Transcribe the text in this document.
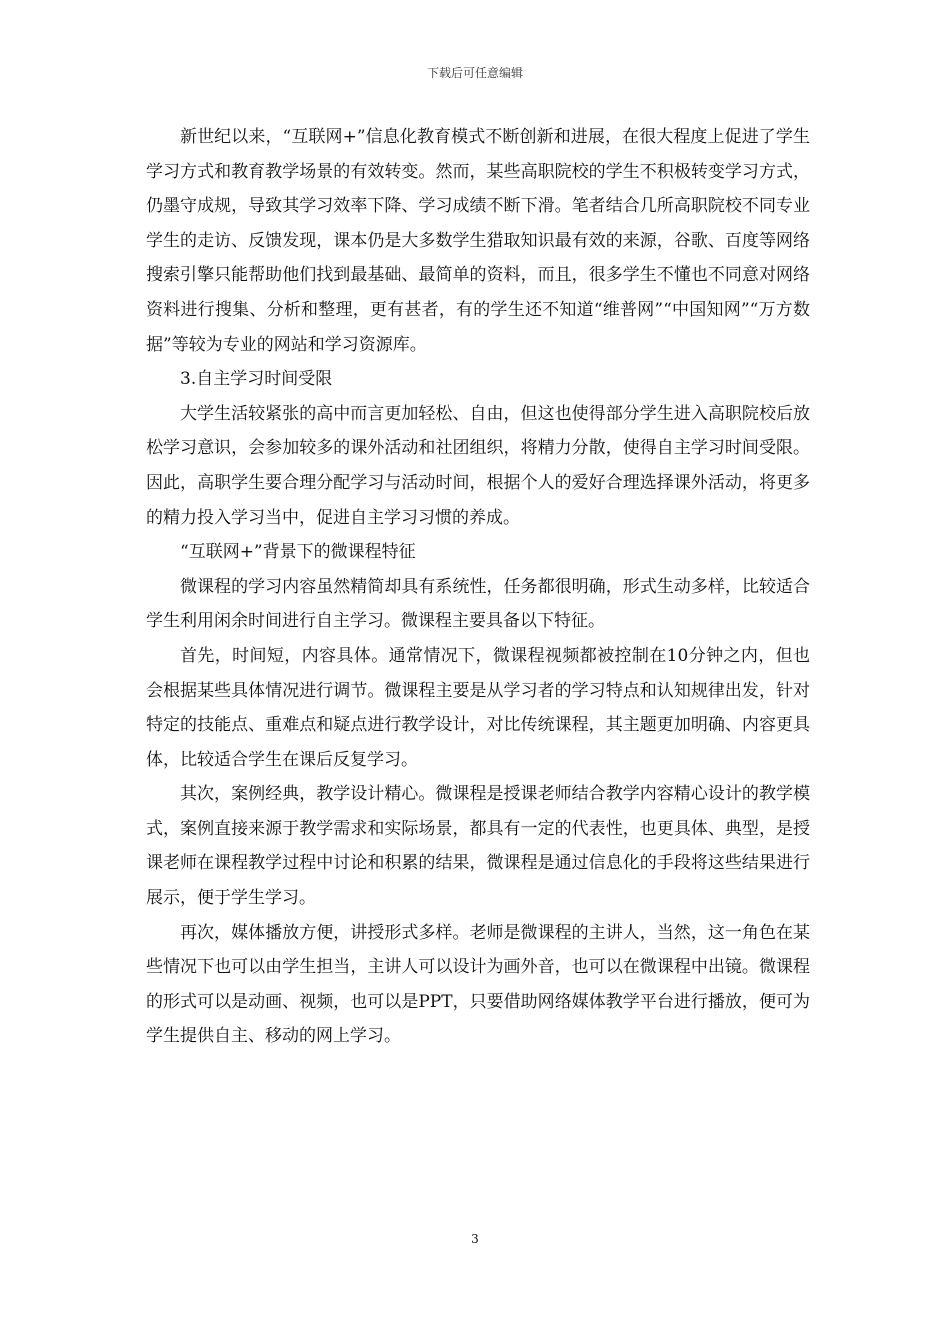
下载后可任意编辑

新世纪以来，“互联网+”信息化教育模式不断创新和进展，在很大程度上促进了学生学习方式和教育教学场景的有效转变。然而，某些高职院校的学生不积极转变学习方式，仍墨守成规，导致其学习效率下降、学习成绩不断下滑。笔者结合几所高职院校不同专业学生的走访、反馈发现，课本仍是大多数学生猎取知识最有效的来源，谷歌、百度等网络搜索引擎只能帮助他们找到最基础、最简单的资料，而且，很多学生不懂也不同意对网络资料进行搜集、分析和整理，更有甚者，有的学生还不知道“维普网”“中国知网”“万方数据”等较为专业的网站和学习资源库。

3.自主学习时间受限

大学生活较紧张的高中而言更加轻松、自由，但这也使得部分学生进入高职院校后放松学习意识，会参加较多的课外活动和社团组织，将精力分散，使得自主学习时间受限。因此，高职学生要合理分配学习与活动时间，根据个人的爱好合理选择课外活动，将更多的精力投入学习当中，促进自主学习习惯的养成。

“互联网+”背景下的微课程特征

微课程的学习内容虽然精简却具有系统性，任务都很明确，形式生动多样，比较适合学生利用闲余时间进行自主学习。微课程主要具备以下特征。

首先，时间短，内容具体。通常情况下，微课程视频都被控制在10分钟之内，但也会根据某些具体情况进行调节。微课程主要是从学习者的学习特点和认知规律出发，针对特定的技能点、重难点和疑点进行教学设计，对比传统课程，其主题更加明确、内容更具体，比较适合学生在课后反复学习。

其次，案例经典，教学设计精心。微课程是授课老师结合教学内容精心设计的教学模式，案例直接来源于教学需求和实际场景，都具有一定的代表性，也更具体、典型，是授课老师在课程教学过程中讨论和积累的结果，微课程是通过信息化的手段将这些结果进行展示，便于学生学习。

再次，媒体播放方便，讲授形式多样。老师是微课程的主讲人，当然，这一角色在某些情况下也可以由学生担当，主讲人可以设计为画外音，也可以在微课程中出镜。微课程的形式可以是动画、视频，也可以是PPT，只要借助网络媒体教学平台进行播放，便可为学生提供自主、移动的网上学习。

3
